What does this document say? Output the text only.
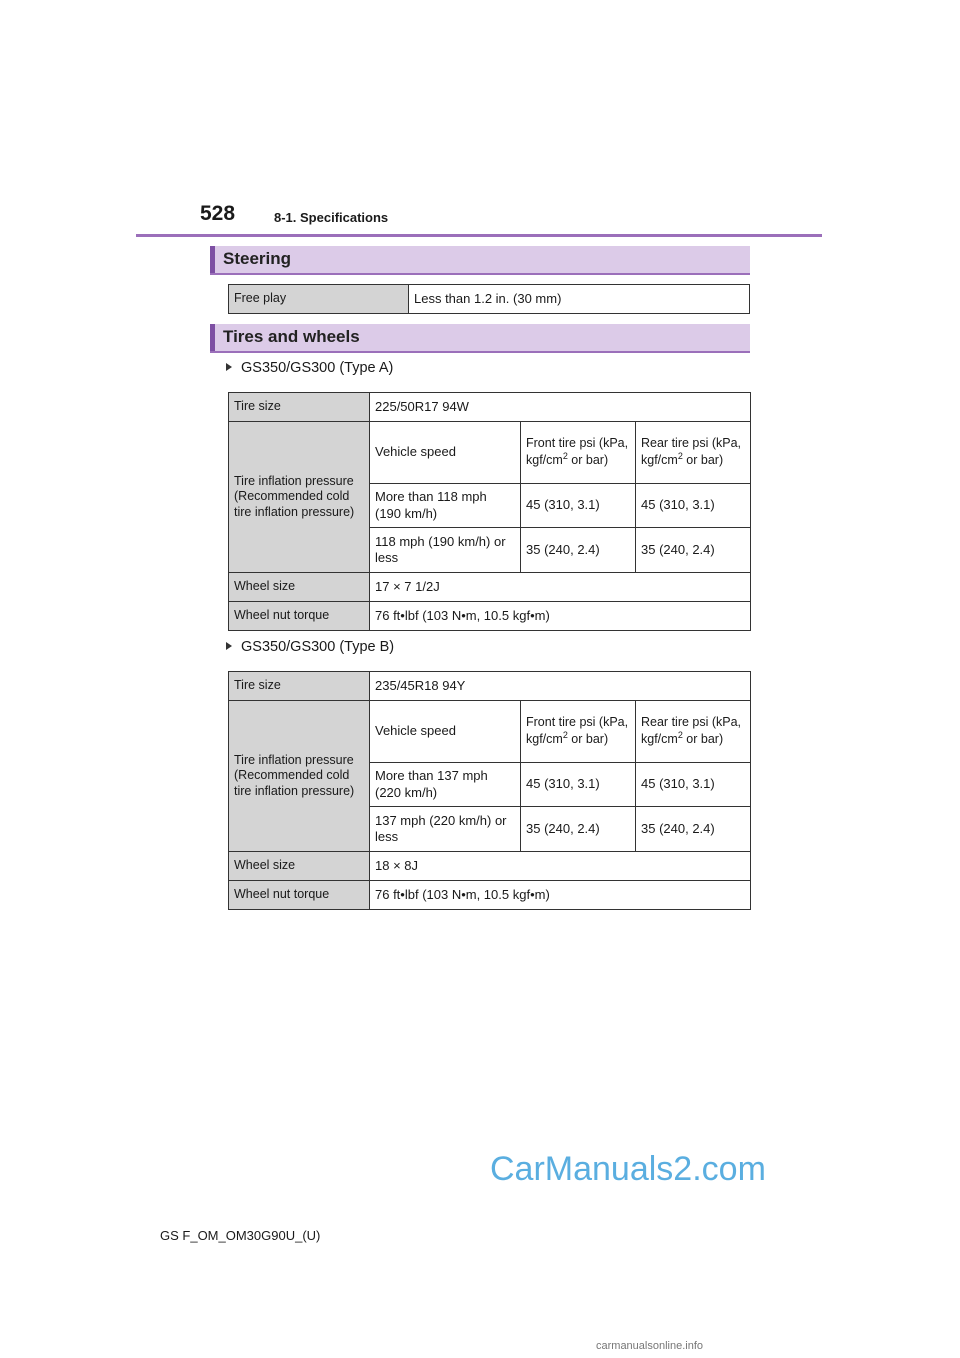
528	8-1. Specifications
Steering
Free play	Less than 1.2 in. (30 mm)
Tires and wheels
GS350/GS300 (Type A)
Tire size	225/50R17 94W		
Tire inflation pressure (Recommended cold tire inflation pressure)	Vehicle speed	Front tire psi (kPa, kgf/$cm^2$ or bar)	Rear tire psi (kPa, kgf/$cm^2$ or bar)
	More than 118 mph (190 km/h)	45 (310, 3.1)	45 (310, 3.1)
	118 mph (190 km/h) or less	35 (240, 2.4)	35 (240, 2.4)
Wheel size	17 × 7 1/2J		
Wheel nut torque	76 ft•lbf (103 N•m, 10.5 kgf•m)		
GS350/GS300 (Type B)
Tire size	235/45R18 94Y		
Tire inflation pressure (Recommended cold tire inflation pressure)	Vehicle speed	Front tire psi (kPa, kgf/$cm^2$ or bar)	Rear tire psi (kPa, kgf/$cm^2$ or bar)
	More than 137 mph (220 km/h)	45 (310, 3.1)	45 (310, 3.1)
	137 mph (220 km/h) or less	35 (240, 2.4)	35 (240, 2.4)
Wheel size	18 × 8J		
Wheel nut torque	76 ft•lbf (103 N•m, 10.5 kgf•m)		
CarManuals2.com
GS F_OM_OM30G90U_(U)
carmanualsonline.info
